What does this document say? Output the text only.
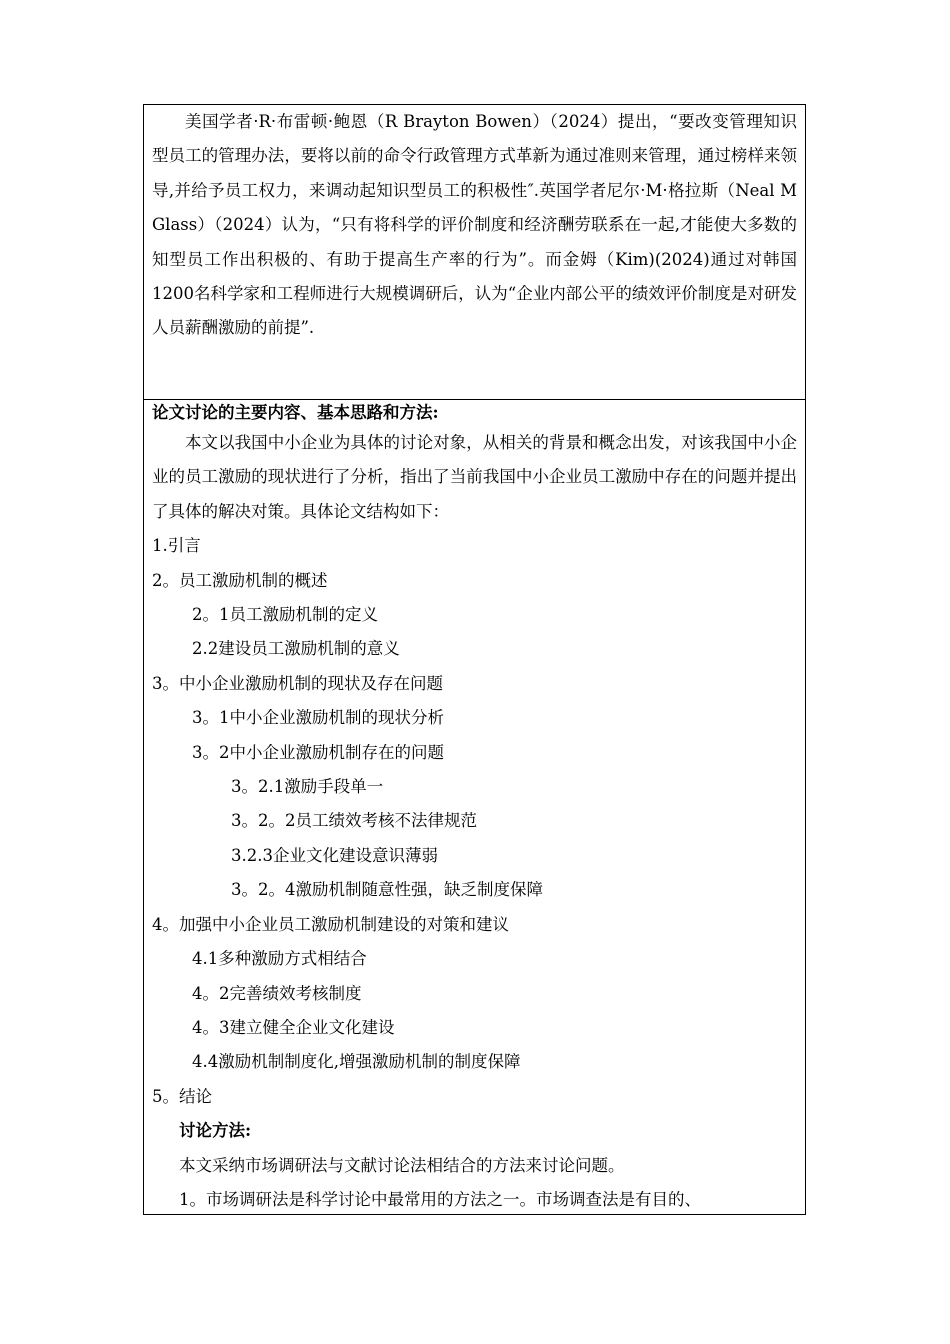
美国学者·R·布雷顿·鲍恩（R Brayton Bowen）（2024）提出，“要改变管理知识型员工的管理办法，要将以前的命令行政管理方式革新为通过准则来管理，通过榜样来领导,并给予员工权力，来调动起知识型员工的积极性″.英国学者尼尔·M·格拉斯（Neal M Glass）（2024）认为，“只有将科学的评价制度和经济酬劳联系在一起,才能使大多数的知型员工作出积极的、有助于提高生产率的行为”。而金姆（Kim)(2024)通过对韩国1200名科学家和工程师进行大规模调研后，认为“企业内部公平的绩效评价制度是对研发人员薪酬激励的前提”.

论文讨论的主要内容、基本思路和方法:

本文以我国中小企业为具体的讨论对象，从相关的背景和概念出发，对该我国中小企业的员工激励的现状进行了分析，指出了当前我国中小企业员工激励中存在的问题并提出了具体的解决对策。具体论文结构如下：

1.引言

2。员工激励机制的概述

2。1员工激励机制的定义

2.2建设员工激励机制的意义

3。中小企业激励机制的现状及存在问题

3。1中小企业激励机制的现状分析

3。2中小企业激励机制存在的问题

3。2.1激励手段单一

3。2。2员工绩效考核不法律规范

3.2.3企业文化建设意识薄弱

3。2。4激励机制随意性强，缺乏制度保障

4。加强中小企业员工激励机制建设的对策和建议

4.1多种激励方式相结合

4。2完善绩效考核制度

4。3建立健全企业文化建设

4.4激励机制制度化,增强激励机制的制度保障

5。结论

讨论方法:

本文采纳市场调研法与文献讨论法相结合的方法来讨论问题。

1。市场调研法是科学讨论中最常用的方法之一。市场调查法是有目的、
